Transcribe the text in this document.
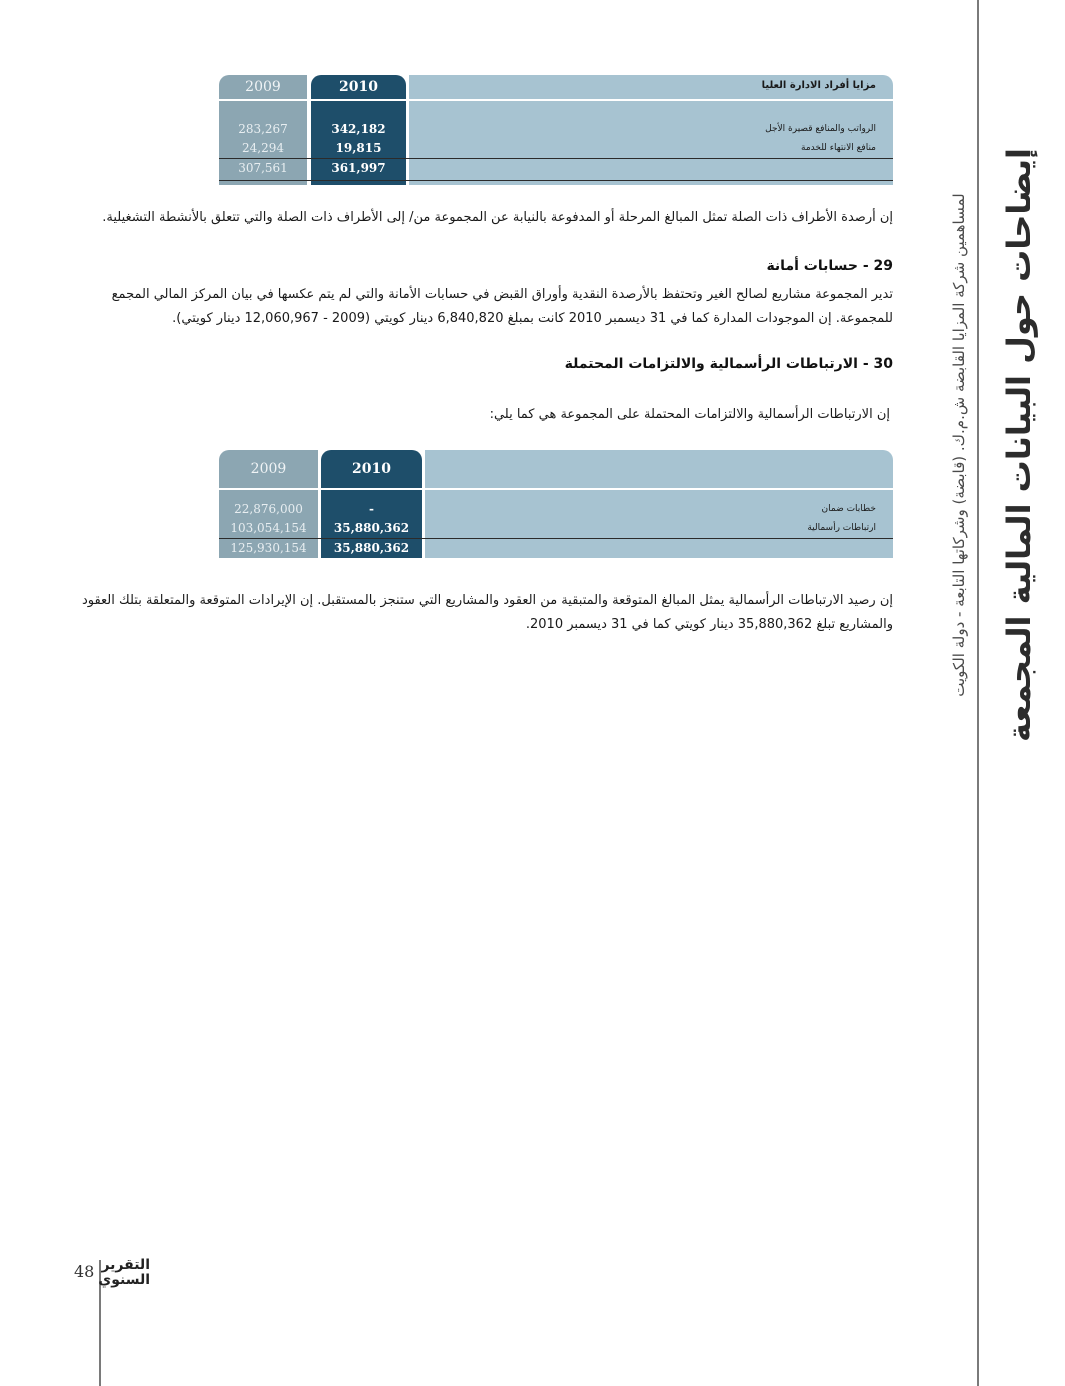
2009	2010	مزايا أفراد الادارة العليا
283,267	342,182	الرواتب والمنافع قصيرة الأجل
24,294	19,815	منافع الانتهاء للخدمة
307,561	361,997
إن أرصدة الأطراف ذات الصلة تمثل المبالغ المرحلة أو المدفوعة بالنيابة عن المجموعة من/ إلى الأطراف ذات الصلة والتي تتعلق بالأنشطة التشغيلية.
29 - حسابات أمانة
تدير المجموعة مشاريع لصالح الغير وتحتفظ بالأرصدة النقدية وأوراق القبض في حسابات الأمانة والتي لم يتم عكسها في بيان المركز المالي المجمع
للمجموعة. إن الموجودات المدارة كما في 31 ديسمبر 2010 كانت بمبلغ 6,840,820 دينار كويتي (2009 - 12,060,967 دينار كويتي).
30 - الارتباطات الرأسمالية والالتزامات المحتملة
إن الارتباطات الرأسمالية والالتزامات المحتملة على المجموعة هي كما يلي:
2009	2010
22,876,000	-	خطابات ضمان
103,054,154	35,880,362	ارتباطات رأسمالية
125,930,154	35,880,362
إن رصيد الارتباطات الرأسمالية يمثل المبالغ المتوقعة والمتبقية من العقود والمشاريع التي ستنجز بالمستقبل. إن الإيرادات المتوقعة والمتعلقة بتلك العقود
والمشاريع تبلغ 35,880,362 دينار كويتي كما في 31 ديسمبر 2010.	إيضاحات حول البيانات المالية المجمعة
لمساهمين شركة المزايا القابضة ش.م.ك. (قابضة) وشركاتها التابعة - دولة الكويت
48 التقرير
السنوي
